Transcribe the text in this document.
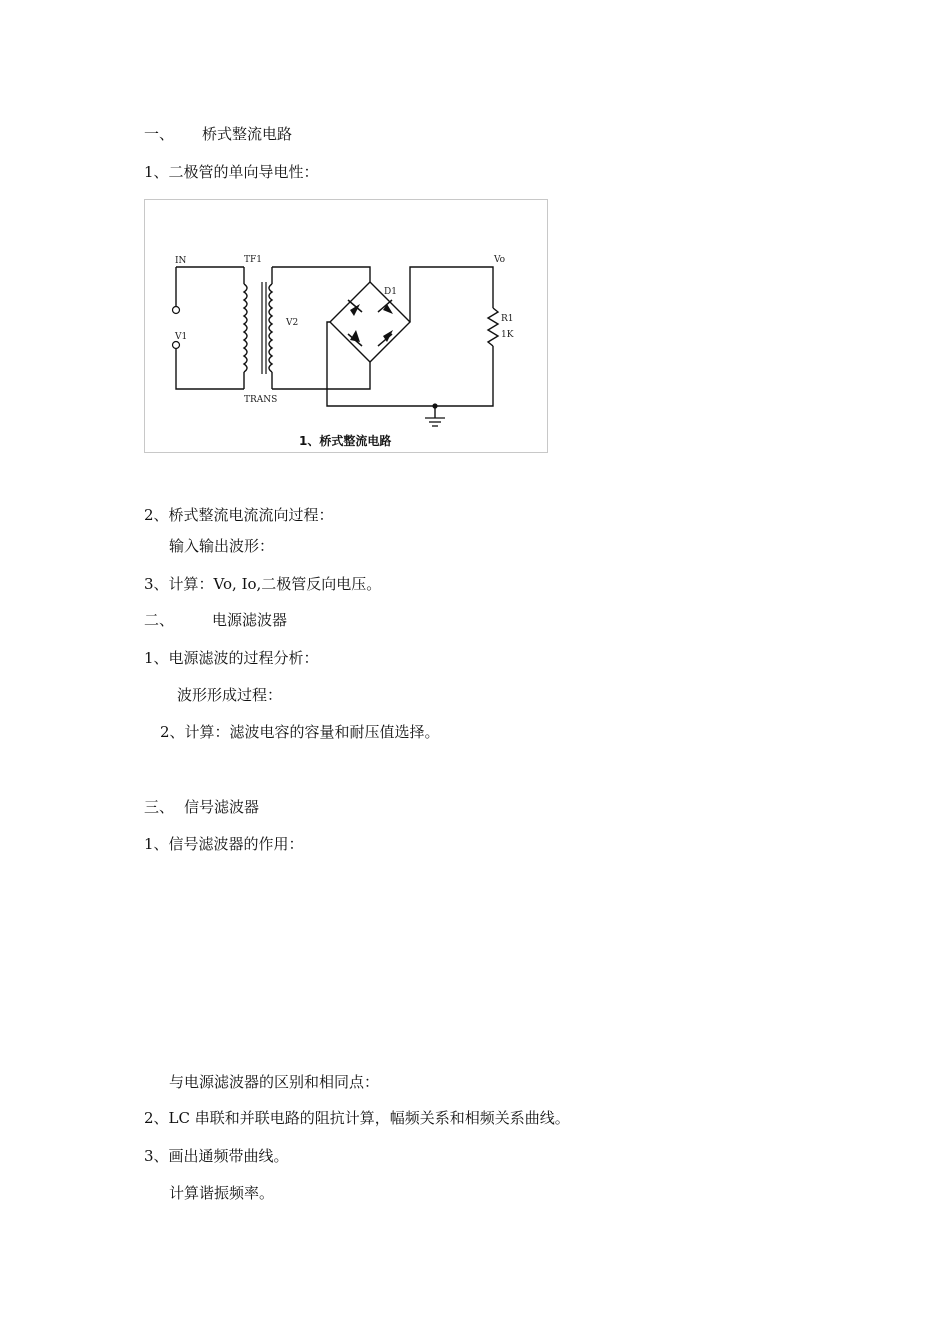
一、 桥式整流电路
1、二极管的单向导电性：
IN	TF1	Vo
D1
V1
V2	R1
1K
TRANS
1、桥式整流电路
2、桥式整流电流流向过程：
输入输出波形：
3、计算：Vo, Io,二极管反向电压。
二、	电源滤波器
1、电源滤波的过程分析：
波形形成过程：
2、计算：滤波电容的容量和耐压值选择。
三、 信号滤波器
1、信号滤波器的作用：
与电源滤波器的区别和相同点：
2、LC 串联和并联电路的阻抗计算，幅频关系和相频关系曲线。
3、画出通频带曲线。
计算谐振频率。
